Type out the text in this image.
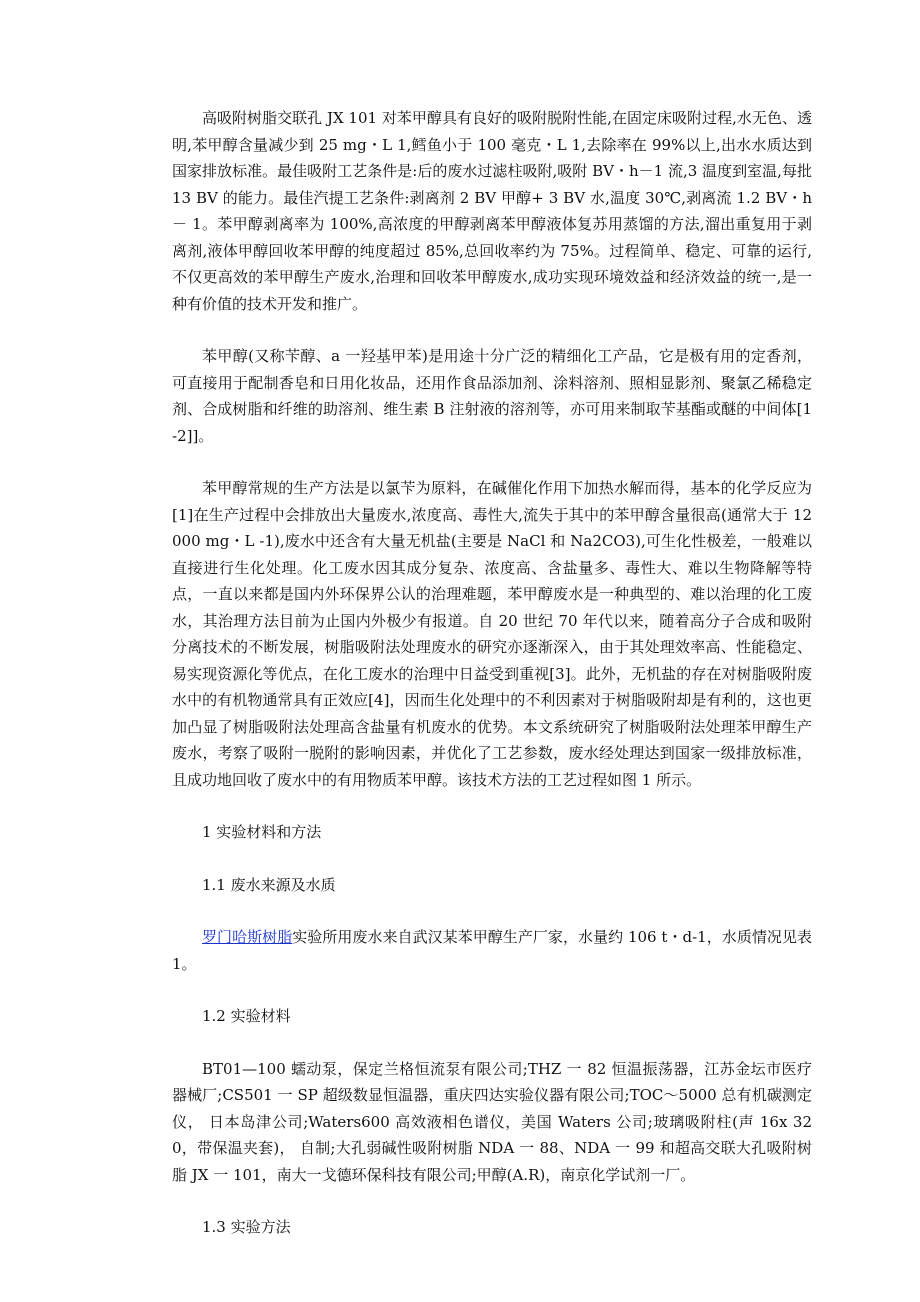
高吸附树脂交联孔 JX 101 对苯甲醇具有良好的吸附脱附性能,在固定床吸附过程,水无色、透明,苯甲醇含量减少到 25 mg・L 1,鳕鱼小于 100 毫克・L 1,去除率在 99%以上,出水水质达到国家排放标准。最佳吸附工艺条件是:后的废水过滤柱吸附,吸附 BV・h－1 流,3 温度到室温,每批 13 BV 的能力。最佳汽提工艺条件:剥离剂 2 BV 甲醇+ 3 BV 水,温度 30℃,剥离流 1.2 BV・h － 1。苯甲醇剥离率为 100%,高浓度的甲醇剥离苯甲醇液体复苏用蒸馏的方法,溜出重复用于剥离剂,液体甲醇回收苯甲醇的纯度超过 85%,总回收率约为 75%。过程简单、稳定、可靠的运行,不仅更高效的苯甲醇生产废水,治理和回收苯甲醇废水,成功实现环境效益和经济效益的统一,是一种有价值的技术开发和推广。

苯甲醇(又称苄醇、a 一羟基甲苯)是用途十分广泛的精细化工产品，它是极有用的定香剂，可直接用于配制香皂和日用化妆品，还用作食品添加剂、涂料溶剂、照相显影剂、聚氯乙稀稳定剂、合成树脂和纤维的助溶剂、维生素 B 注射液的溶剂等，亦可用来制取苄基酯或醚的中间体[1-2]]。

苯甲醇常规的生产方法是以氯苄为原料，在碱催化作用下加热水解而得，基本的化学反应为[1]在生产过程中会排放出大量废水,浓度高、毒性大,流失于其中的苯甲醇含量很高(通常大于 12000 mg・L -1),废水中还含有大量无机盐(主要是 NaCl 和 Na2CO3),可生化性极差，一般难以直接进行生化处理。化工废水因其成分复杂、浓度高、含盐量多、毒性大、难以生物降解等特点，一直以来都是国内外环保界公认的治理难题，苯甲醇废水是一种典型的、难以治理的化工废水，其治理方法目前为止国内外极少有报道。自 20 世纪 70 年代以来，随着高分子合成和吸附分离技术的不断发展，树脂吸附法处理废水的研究亦逐渐深入，由于其处理效率高、性能稳定、易实现资源化等优点，在化工废水的治理中日益受到重视[3]。此外，无机盐的存在对树脂吸附废水中的有机物通常具有正效应[4]，因而生化处理中的不利因素对于树脂吸附却是有利的，这也更加凸显了树脂吸附法处理高含盐量有机废水的优势。本文系统研究了树脂吸附法处理苯甲醇生产废水，考察了吸附一脱附的影响因素，并优化了工艺参数，废水经处理达到国家一级排放标准，且成功地回收了废水中的有用物质苯甲醇。该技术方法的工艺过程如图 1 所示。

1 实验材料和方法

1.1 废水来源及水质

罗门哈斯树脂实验所用废水来自武汉某苯甲醇生产厂家，水量约 106 t・d-1，水质情况见表 1。

1.2 实验材料

BT01—100 蠕动泵，保定兰格恒流泵有限公司;THZ 一 82 恒温振荡器，江苏金坛市医疗器械厂;CS501 一 SP 超级数显恒温器，重庆四达实验仪器有限公司;TOC～5000 总有机碳测定仪， 日本岛津公司;Waters600 高效液相色谱仪，美国 Waters 公司;玻璃吸附柱(声 16x 320，带保温夹套)， 自制;大孔弱碱性吸附树脂 NDA 一 88、NDA 一 99 和超高交联大孔吸附树脂 JX 一 101，南大一戈德环保科技有限公司;甲醇(A.R)，南京化学试剂一厂。

1.3 实验方法
